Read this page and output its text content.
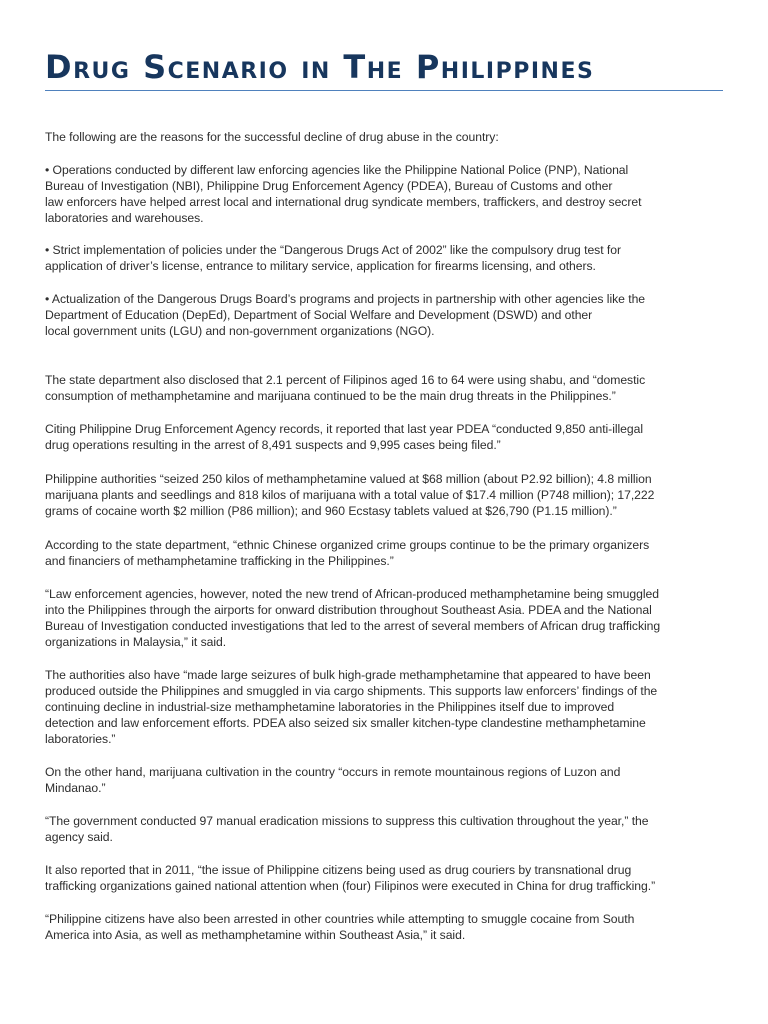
Drug Scenario in The Philippines

The following are the reasons for the successful decline of drug abuse in the country:

• Operations conducted by different law enforcing agencies like the Philippine National Police (PNP), National
Bureau of Investigation (NBI), Philippine Drug Enforcement Agency (PDEA), Bureau of Customs and other
law enforcers have helped arrest local and international drug syndicate members, traffickers, and destroy secret
laboratories and warehouses.

• Strict implementation of policies under the “Dangerous Drugs Act of 2002” like the compulsory drug test for
application of driver’s license, entrance to military service, application for firearms licensing, and others.

• Actualization of the Dangerous Drugs Board’s programs and projects in partnership with other agencies like the
Department of Education (DepEd), Department of Social Welfare and Development (DSWD) and other
local government units (LGU) and non-government organizations (NGO).

The state department also disclosed that 2.1 percent of Filipinos aged 16 to 64 were using shabu, and “domestic
consumption of methamphetamine and marijuana continued to be the main drug threats in the Philippines.”

Citing Philippine Drug Enforcement Agency records, it reported that last year PDEA “conducted 9,850 anti-illegal
drug operations resulting in the arrest of 8,491 suspects and 9,995 cases being filed.”

Philippine authorities “seized 250 kilos of methamphetamine valued at $68 million (about P2.92 billion); 4.8 million
marijuana plants and seedlings and 818 kilos of marijuana with a total value of $17.4 million (P748 million); 17,222
grams of cocaine worth $2 million (P86 million); and 960 Ecstasy tablets valued at $26,790 (P1.15 million).”

According to the state department, “ethnic Chinese organized crime groups continue to be the primary organizers
and financiers of methamphetamine trafficking in the Philippines.”

“Law enforcement agencies, however, noted the new trend of African-produced methamphetamine being smuggled
into the Philippines through the airports for onward distribution throughout Southeast Asia. PDEA and the National
Bureau of Investigation conducted investigations that led to the arrest of several members of African drug trafficking
organizations in Malaysia,” it said.

The authorities also have “made large seizures of bulk high-grade methamphetamine that appeared to have been
produced outside the Philippines and smuggled in via cargo shipments. This supports law enforcers’ findings of the
continuing decline in industrial-size methamphetamine laboratories in the Philippines itself due to improved
detection and law enforcement efforts. PDEA also seized six smaller kitchen-type clandestine methamphetamine
laboratories.”

On the other hand, marijuana cultivation in the country “occurs in remote mountainous regions of Luzon and
Mindanao.”

“The government conducted 97 manual eradication missions to suppress this cultivation throughout the year,” the
agency said.

It also reported that in 2011, “the issue of Philippine citizens being used as drug couriers by transnational drug
trafficking organizations gained national attention when (four) Filipinos were executed in China for drug trafficking.”

“Philippine citizens have also been arrested in other countries while attempting to smuggle cocaine from South
America into Asia, as well as methamphetamine within Southeast Asia,” it said.
